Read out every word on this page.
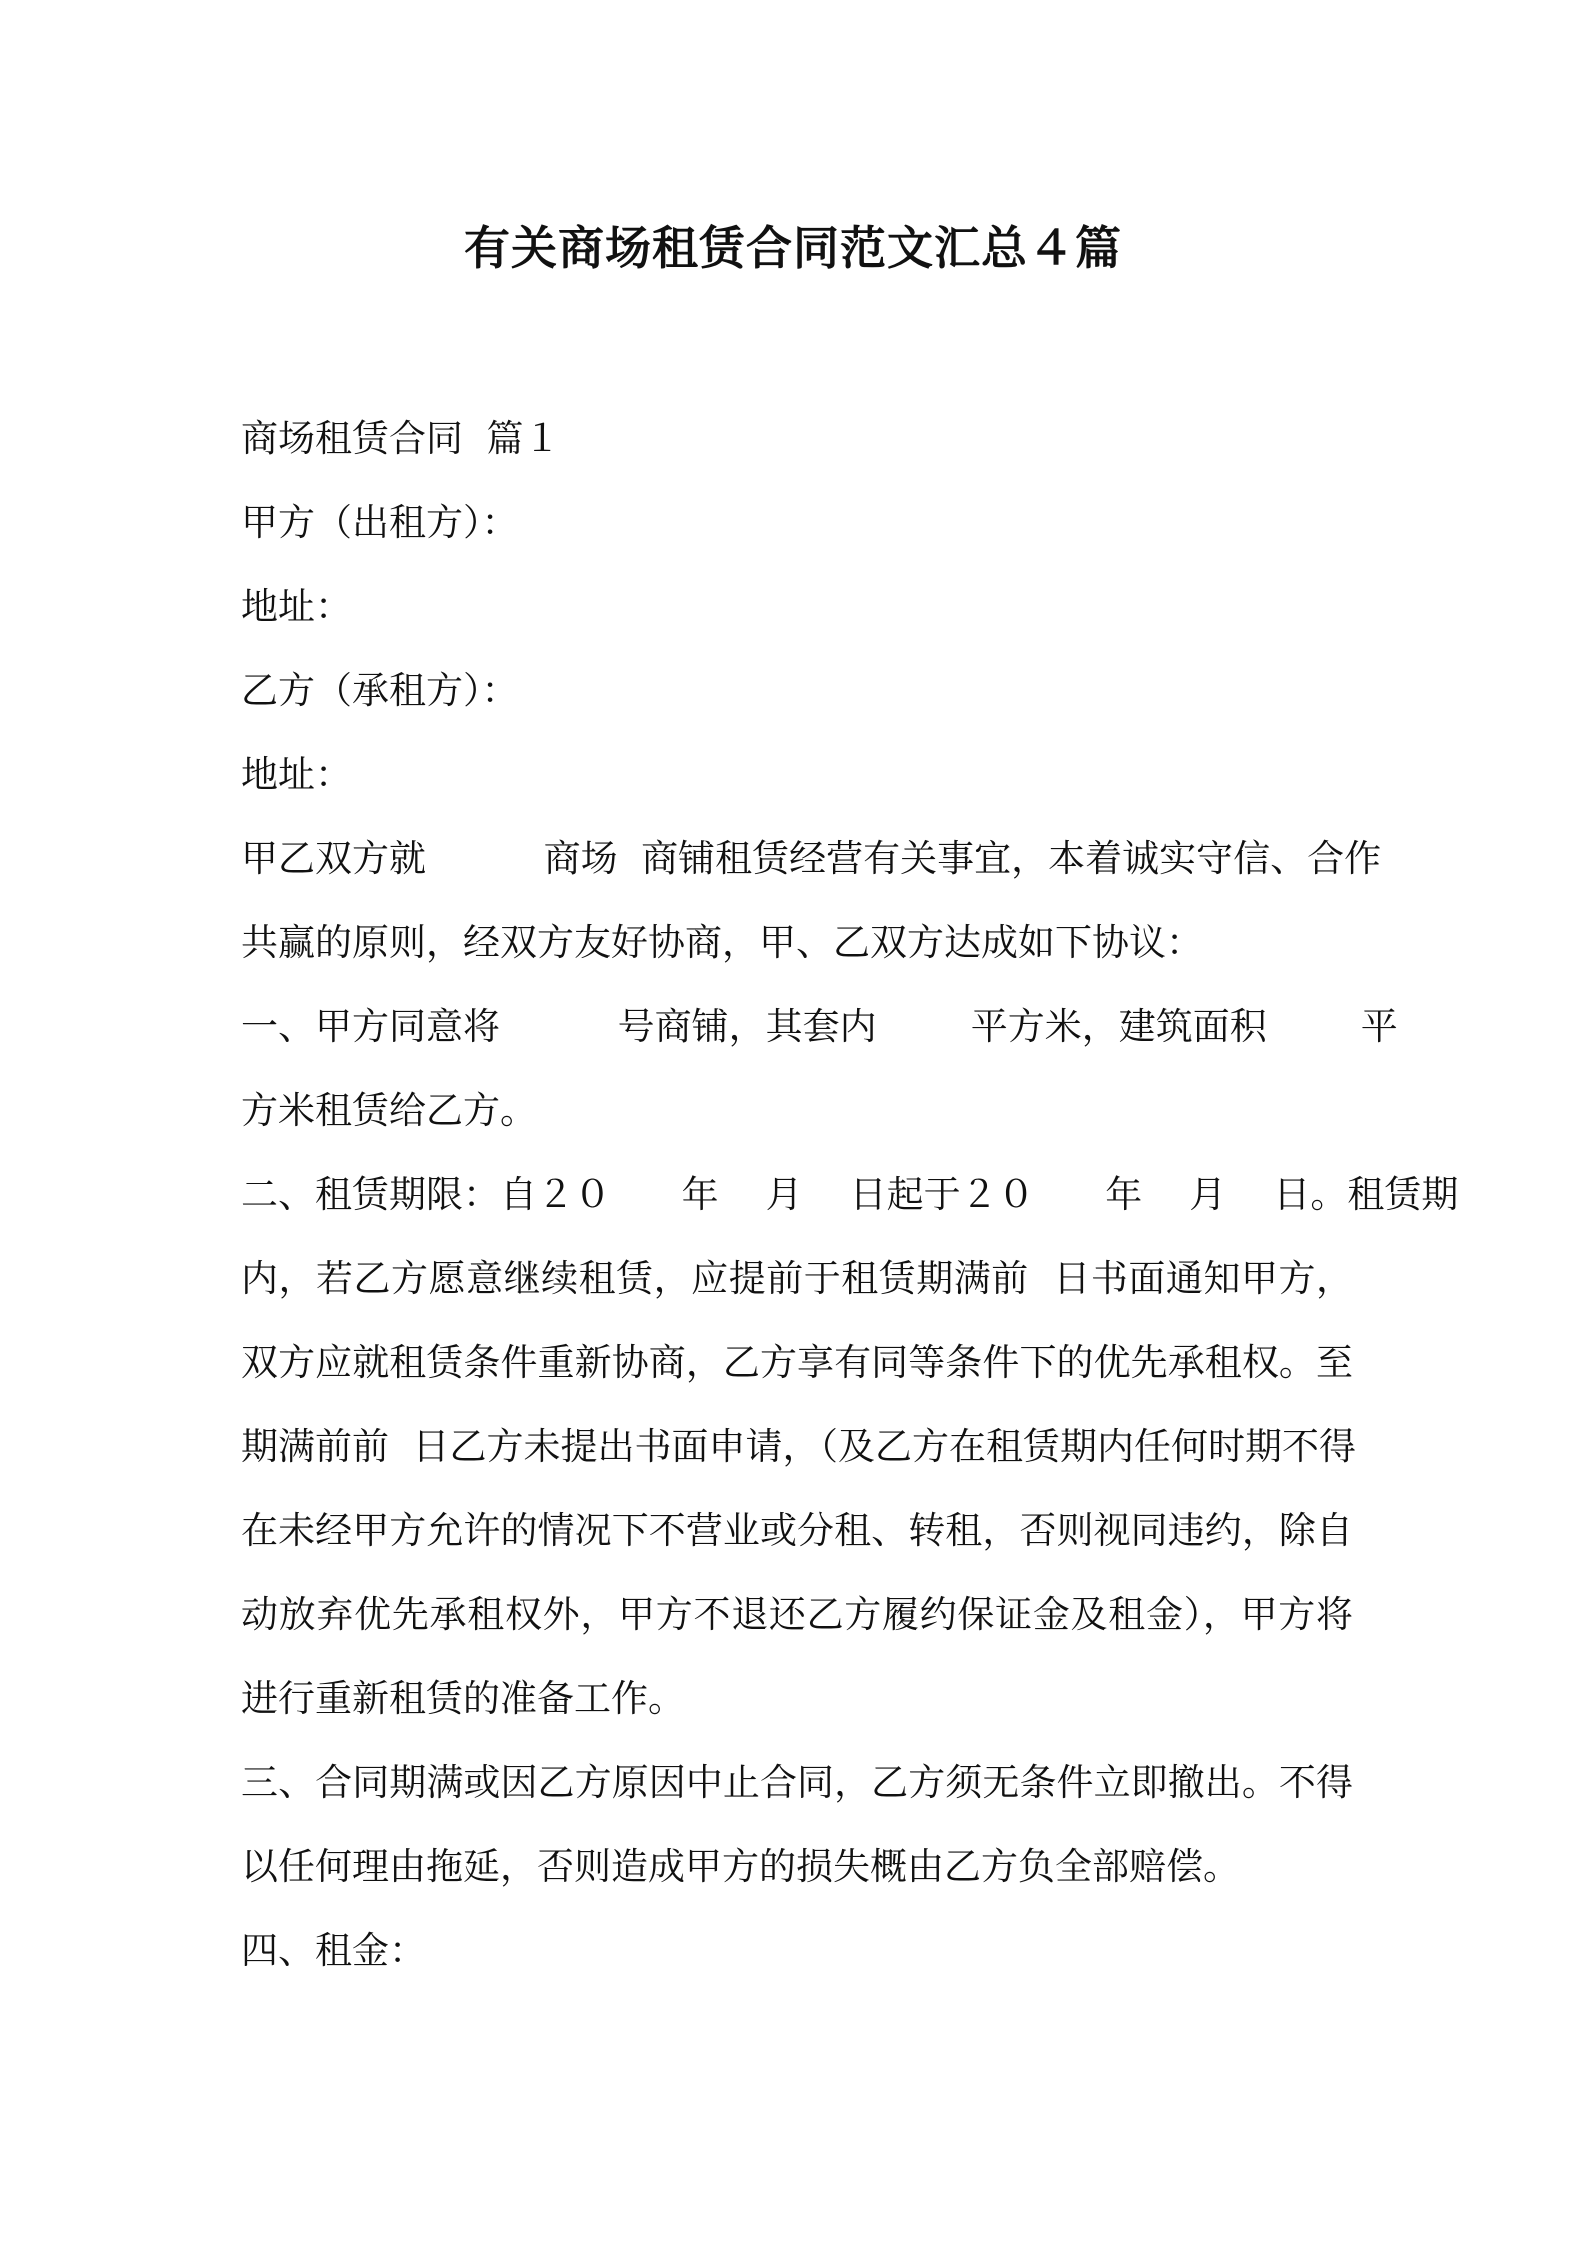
有关商场租赁合同范文汇总４篇
商场租赁合同  篇１
甲方（出租方）：
地址：
乙方（承租方）：
地址：
甲乙双方就          商场  商铺租赁经营有关事宜，本着诚实守信、合作
共赢的原则，经双方友好协商，甲、乙双方达成如下协议：
一、甲方同意将          号商铺，其套内        平方米，建筑面积        平
方米租赁给乙方。
二、租赁期限：自２０      年    月    日起于２０      年    月    日。租赁期
内，若乙方愿意继续租赁，应提前于租赁期满前  日书面通知甲方，
双方应就租赁条件重新协商，乙方享有同等条件下的优先承租权。至
期满前前  日乙方未提出书面申请，（及乙方在租赁期内任何时期不得
在未经甲方允许的情况下不营业或分租、转租，否则视同违约，除自
动放弃优先承租权外，甲方不退还乙方履约保证金及租金），甲方将
进行重新租赁的准备工作。
三、合同期满或因乙方原因中止合同，乙方须无条件立即撤出。不得
以任何理由拖延，否则造成甲方的损失概由乙方负全部赔偿。
四、租金：
